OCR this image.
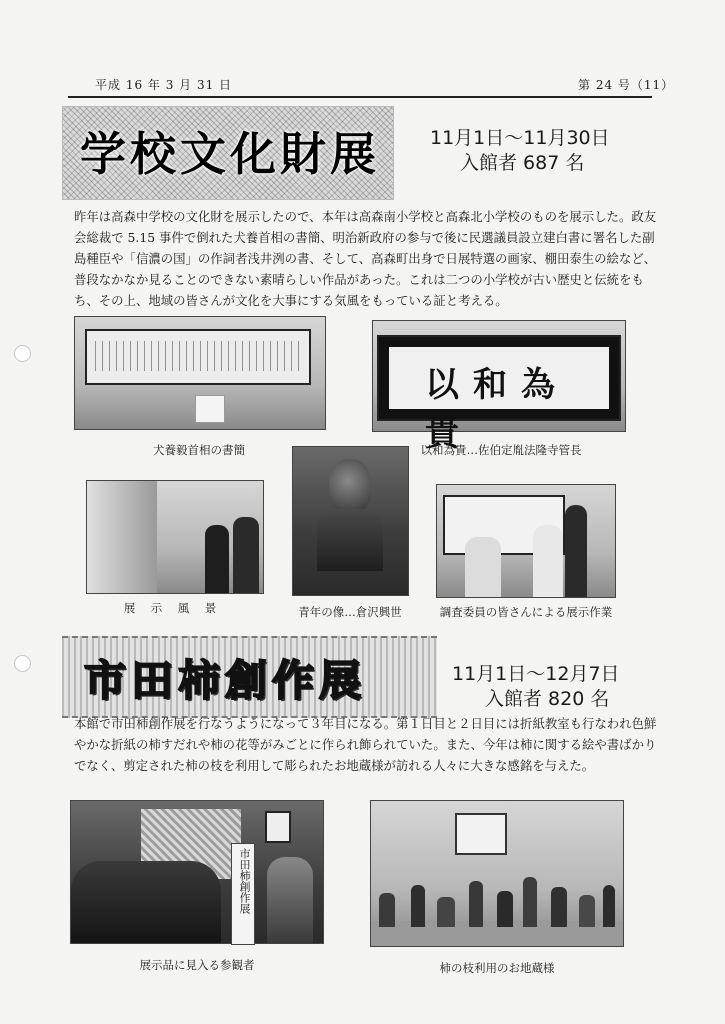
平成 16 年 3 月 31 日	第 24 号（11）
学校文化財展	11月1日～11月30日
入館者 687 名
昨年は高森中学校の文化財を展示したので、本年は高森南小学校と高森北小学校のものを展示した。政友会総裁で 5.15 事件で倒れた犬養首相の書簡、明治新政府の参与で後に民選議員設立建白書に署名した副島種臣や「信濃の国」の作詞者浅井洌の書、そして、高森町出身で日展特選の画家、棚田泰生の絵など、普段なかなか見ることのできない素晴らしい作品があった。これは二つの小学校が古い歴史と伝統をもち、その上、地域の皆さんが文化を大事にする気風をもっている証と考える。
犬養毅首相の書簡
以和為貴
以和為貴…佐伯定胤法隆寺管長
展　示　風　景	青年の像…倉沢興世	調査委員の皆さんによる展示作業
市田柿創作展	11月1日～12月7日
入館者 820 名
本館で市田柿創作展を行なうようになって３年目になる。第１日目と２日目には折紙教室も行なわれ色鮮やかな折紙の柿すだれや柿の花等がみごとに作られ飾られていた。また、今年は柿に関する絵や書ばかりでなく、剪定された柿の枝を利用して彫られたお地蔵様が訪れる人々に大きな感銘を与えた。
市田柿創作展
展示品に見入る参観者	柿の枝利用のお地蔵様
